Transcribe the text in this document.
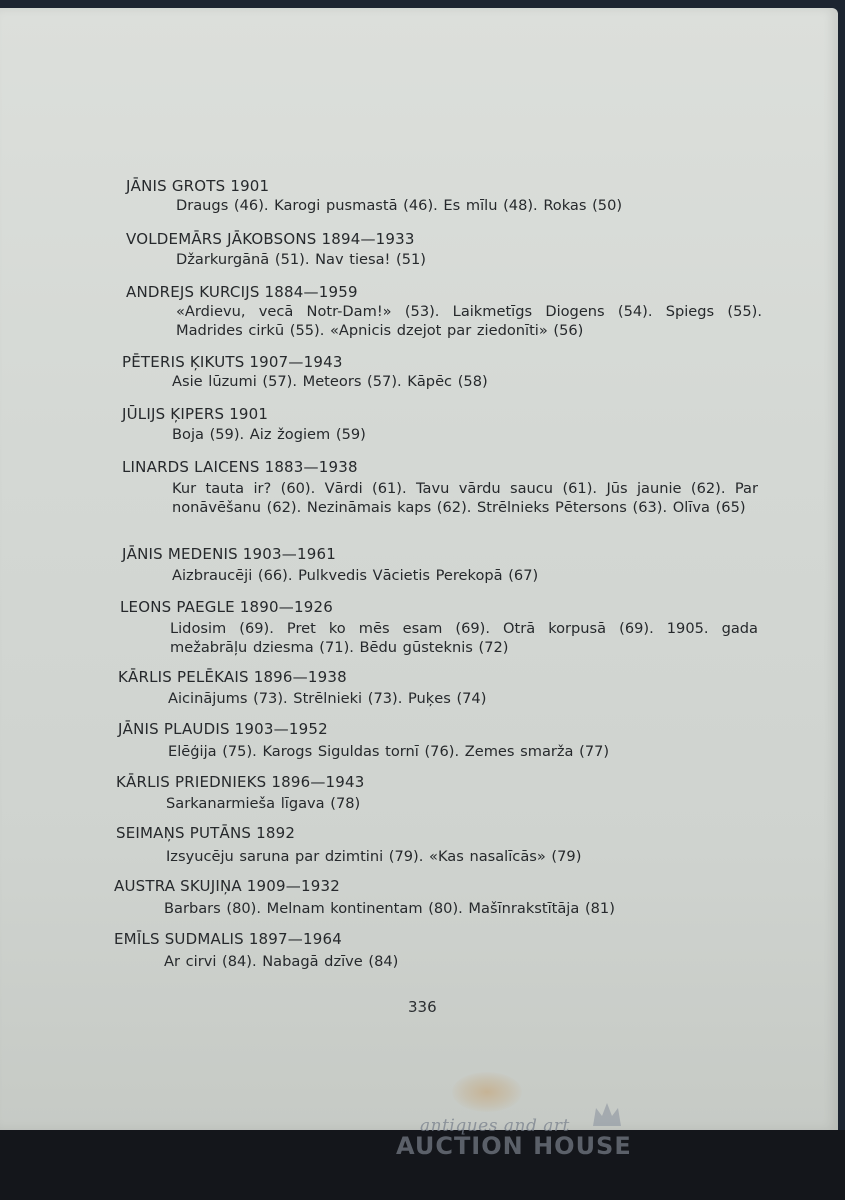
JĀNIS GROTS 1901
Draugs (46). Karogi pusmastā (46). Es mīlu (48). Rokas (50)
VOLDEMĀRS JĀKOBSONS 1894—1933
Džarkurgānā (51). Nav tiesa! (51)
ANDREJS KURCIJS 1884—1959
«Ardievu, vecā Notr-Dam!» (53). Laikmetīgs Diogens (54). Spiegs (55). Madrides cirkū (55). «Apnicis dzejot par ziedonīti» (56)
PĒTERIS ĶIKUTS 1907—1943
Asie lūzumi (57). Meteors (57). Kāpēc (58)
JŪLIJS ĶIPERS 1901
Boja (59). Aiz žogiem (59)
LINARDS LAICENS 1883—1938
Kur tauta ir? (60). Vārdi (61). Tavu vārdu saucu (61). Jūs jaunie (62). Par nonāvēšanu (62). Nezināmais kaps (62). Strēlnieks Pētersons (63). Olīva (65)
JĀNIS MEDENIS 1903—1961
Aizbraucēji (66). Pulkvedis Vācietis Perekopā (67)
LEONS PAEGLE 1890—1926
Lidosim (69). Pret ko mēs esam (69). Otrā korpusā (69). 1905. gada mežabrāļu dziesma (71). Bēdu gūsteknis (72)
KĀRLIS PELĒKAIS 1896—1938
Aicinājums (73). Strēlnieki (73). Puķes (74)
JĀNIS PLAUDIS 1903—1952
Elēģija (75). Karogs Siguldas tornī (76). Zemes smarža (77)
KĀRLIS PRIEDNIEKS 1896—1943
Sarkanarmieša līgava (78)
SEIMAŅS PUTĀNS 1892
Izsyucēju saruna par dzimtini (79). «Kas nasalīcās» (79)
AUSTRA SKUJIŅA 1909—1932
Barbars (80). Melnam kontinentam (80). Mašīnrakstītāja (81)
EMĪLS SUDMALIS 1897—1964
Ar cirvi (84). Nabagā dzīve (84)
336
antiques and art
AUCTION HOUSE
